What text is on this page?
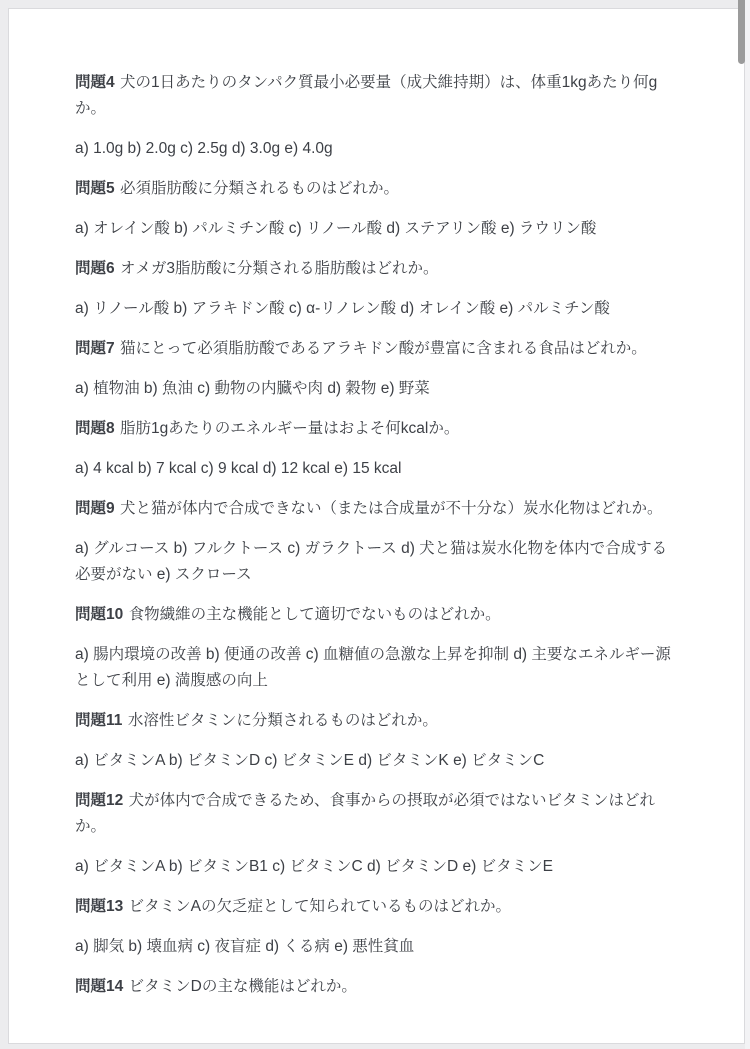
問題4 犬の1日あたりのタンパク質最小必要量（成犬維持期）は、体重1kgあたり何gか。

a) 1.0g b) 2.0g c) 2.5g d) 3.0g e) 4.0g

問題5 必須脂肪酸に分類されるものはどれか。

a) オレイン酸 b) パルミチン酸 c) リノール酸 d) ステアリン酸 e) ラウリン酸

問題6 オメガ3脂肪酸に分類される脂肪酸はどれか。

a) リノール酸 b) アラキドン酸 c) α-リノレン酸 d) オレイン酸 e) パルミチン酸

問題7 猫にとって必須脂肪酸であるアラキドン酸が豊富に含まれる食品はどれか。

a) 植物油 b) 魚油 c) 動物の内臓や肉 d) 穀物 e) 野菜

問題8 脂肪1gあたりのエネルギー量はおよそ何kcalか。

a) 4 kcal b) 7 kcal c) 9 kcal d) 12 kcal e) 15 kcal

問題9 犬と猫が体内で合成できない（または合成量が不十分な）炭水化物はどれか。

a) グルコース b) フルクトース c) ガラクトース d) 犬と猫は炭水化物を体内で合成する必要がない e) スクロース

問題10 食物繊維の主な機能として適切でないものはどれか。

a) 腸内環境の改善 b) 便通の改善 c) 血糖値の急激な上昇を抑制 d) 主要なエネルギー源として利用 e) 満腹感の向上

問題11 水溶性ビタミンに分類されるものはどれか。

a) ビタミンA b) ビタミンD c) ビタミンE d) ビタミンK e) ビタミンC

問題12 犬が体内で合成できるため、食事からの摂取が必須ではないビタミンはどれか。

a) ビタミンA b) ビタミンB1 c) ビタミンC d) ビタミンD e) ビタミンE

問題13 ビタミンAの欠乏症として知られているものはどれか。

a) 脚気 b) 壊血病 c) 夜盲症 d) くる病 e) 悪性貧血

問題14 ビタミンDの主な機能はどれか。
